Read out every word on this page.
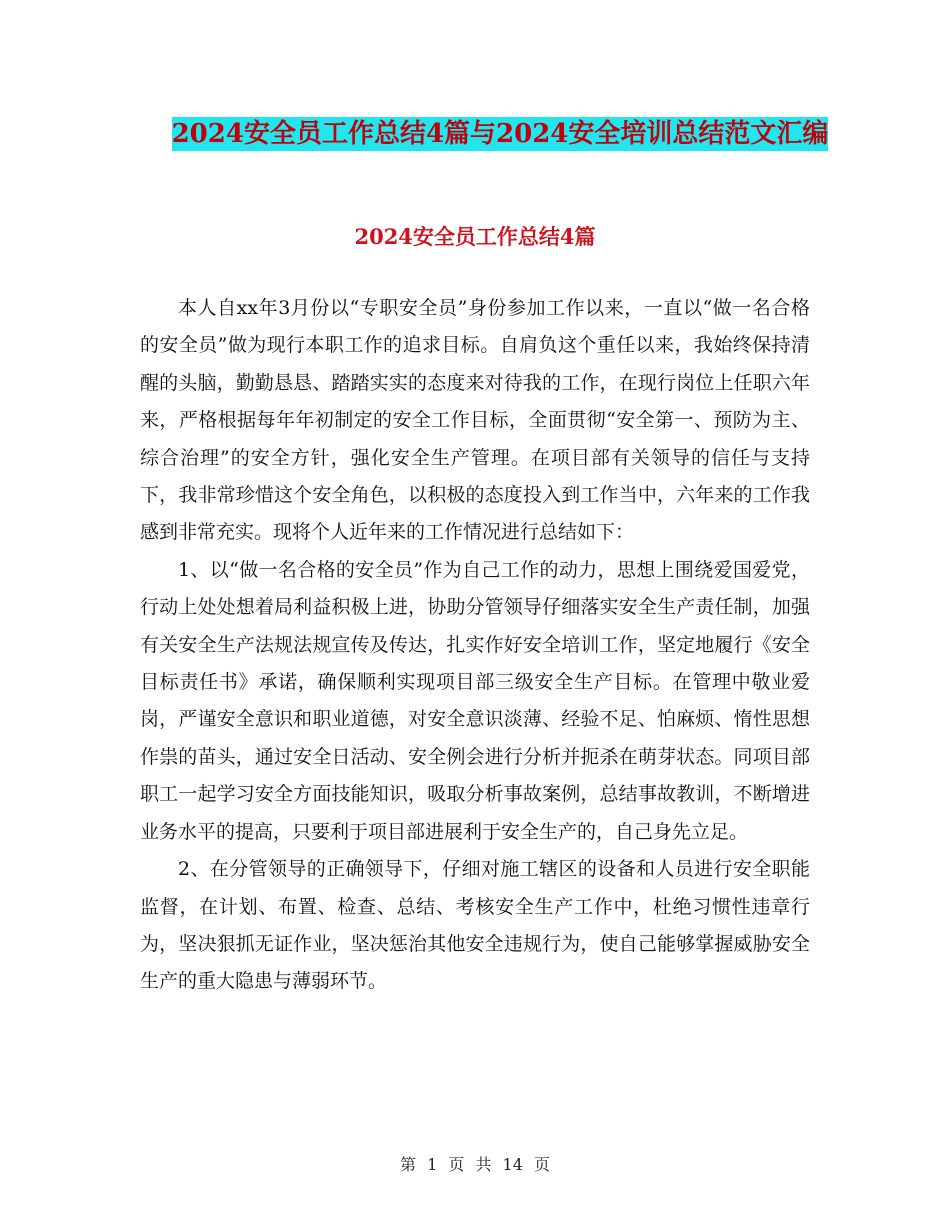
2024安全员工作总结4篇与2024安全培训总结范文汇编
2024安全员工作总结4篇

本人自xx年3月份以“专职安全员”身份参加工作以来，一直以“做一名合格的安全员”做为现行本职工作的追求目标。自肩负这个重任以来，我始终保持清醒的头脑，勤勤恳恳、踏踏实实的态度来对待我的工作，在现行岗位上任职六年来，严格根据每年年初制定的安全工作目标，全面贯彻“安全第一、预防为主、综合治理”的安全方针，强化安全生产管理。在项目部有关领导的信任与支持下，我非常珍惜这个安全角色，以积极的态度投入到工作当中，六年来的工作我感到非常充实。现将个人近年来的工作情况进行总结如下：

1、以“做一名合格的安全员”作为自己工作的动力，思想上围绕爱国爱党，行动上处处想着局利益积极上进，协助分管领导仔细落实安全生产责任制，加强有关安全生产法规法规宣传及传达，扎实作好安全培训工作，坚定地履行《安全目标责任书》承诺，确保顺利实现项目部三级安全生产目标。在管理中敬业爱岗，严谨安全意识和职业道德，对安全意识淡薄、经验不足、怕麻烦、惰性思想作祟的苗头，通过安全日活动、安全例会进行分析并扼杀在萌芽状态。同项目部职工一起学习安全方面技能知识，吸取分析事故案例，总结事故教训，不断增进业务水平的提高，只要利于项目部进展利于安全生产的，自己身先立足。

2、在分管领导的正确领导下，仔细对施工辖区的设备和人员进行安全职能监督，在计划、布置、检查、总结、考核安全生产工作中，杜绝习惯性违章行为，坚决狠抓无证作业，坚决惩治其他安全违规行为，使自己能够掌握威胁安全生产的重大隐患与薄弱环节。

第 1 页 共 14 页
